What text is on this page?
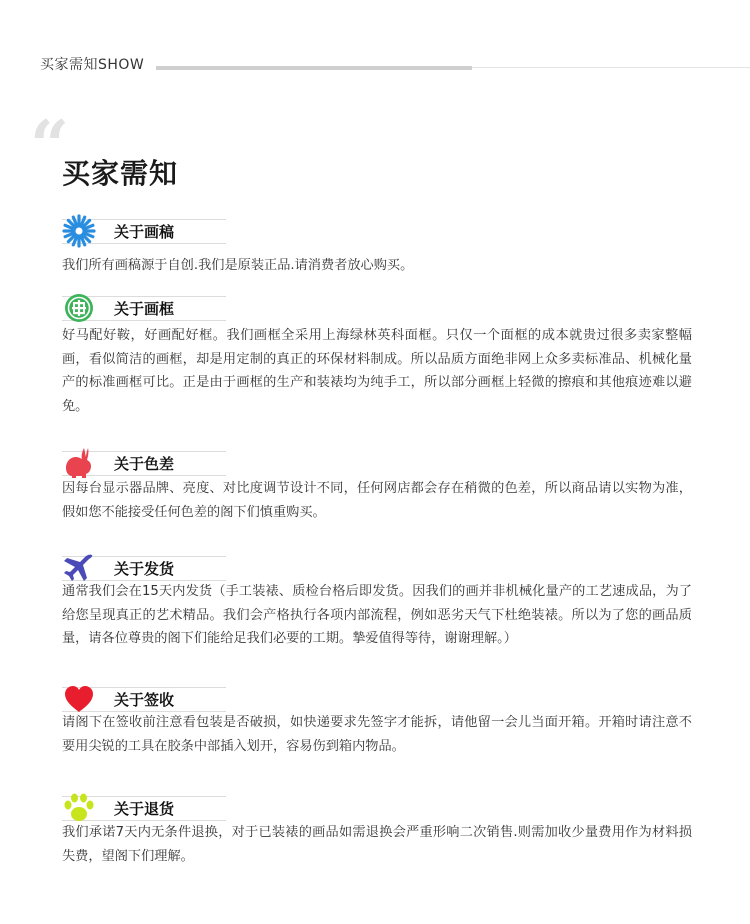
买家需知SHOW
“
买家需知
关于画稿
我们所有画稿源于自创.我们是原装正品.请消费者放心购买。
关于画框
好马配好鞍，好画配好框。我们画框全采用上海绿林英科面框。只仅一个面框的成本就贵过很多卖家整幅画，看似简洁的画框，却是用定制的真正的环保材料制成。所以品质方面绝非网上众多卖标准品、机械化量产的标准画框可比。正是由于画框的生产和装裱均为纯手工，所以部分画框上轻微的擦痕和其他痕迹难以避免。
关于色差
因每台显示器品牌、亮度、对比度调节设计不同，任何网店都会存在稍微的色差，所以商品请以实物为准，假如您不能接受任何色差的阁下们慎重购买。
关于发货
通常我们会在15天内发货（手工装裱、质检台格后即发货。因我们的画并非机械化量产的工艺速成品，为了给您呈现真正的艺术精品。我们会产格执行各项内部流程，例如恶劣天气下杜绝装裱。所以为了您的画品质量，请各位尊贵的阁下们能给足我们必要的工期。摯爱值得等待，谢谢理解。）
关于签收
请阁下在签收前注意看包装是否破损，如快递要求先签字才能拆，请他留一会儿当面开箱。开箱时请注意不要用尖锐的工具在胶条中部插入划开，容易伤到箱内物品。
关于退货
我们承诺7天内无条件退换，对于已装裱的画品如需退换会严重形响二次销售.则需加收少量费用作为材料损失费，望阁下们理解。
